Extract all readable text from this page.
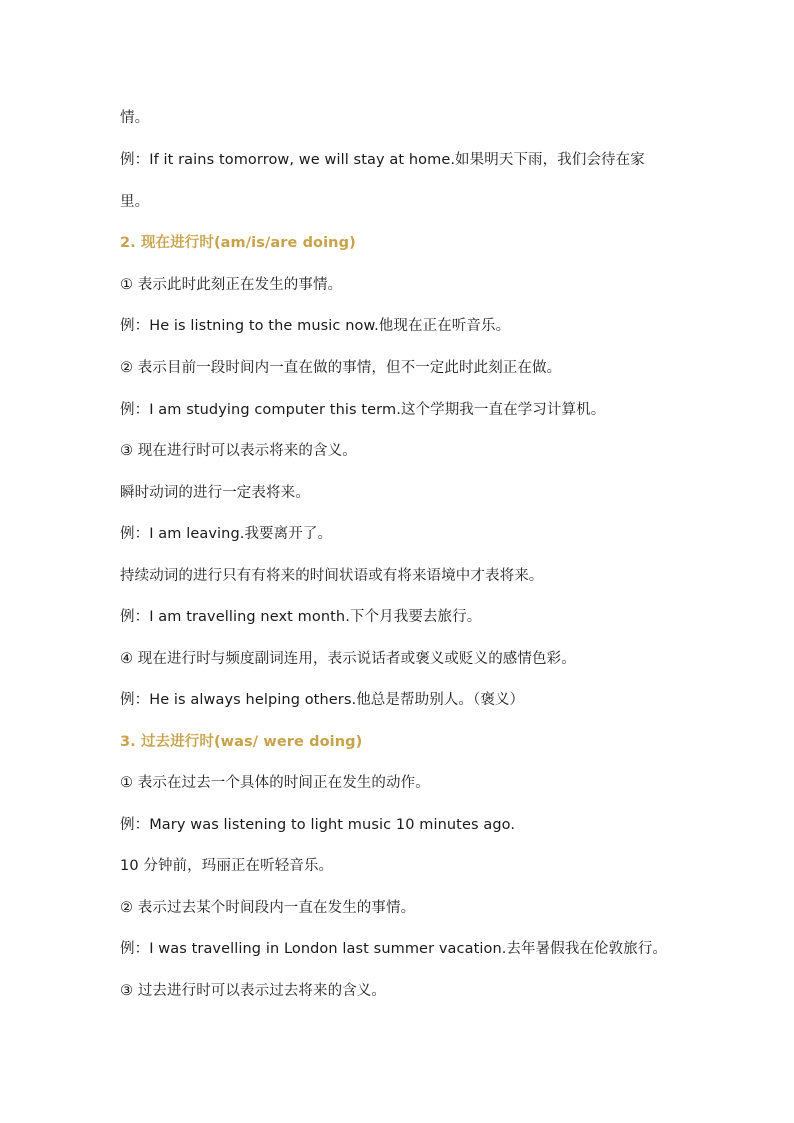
情。
例：If it rains tomorrow, we will stay at home.如果明天下雨，我们会待在家
里。
2. 现在进行时(am/is/are doing)
① 表示此时此刻正在发生的事情。
例：He is listning to the music now.他现在正在听音乐。
② 表示目前一段时间内一直在做的事情，但不一定此时此刻正在做。
例：I am studying computer this term.这个学期我一直在学习计算机。
③ 现在进行时可以表示将来的含义。
瞬时动词的进行一定表将来。
例：I am leaving.我要离开了。
持续动词的进行只有有将来的时间状语或有将来语境中才表将来。
例：I am travelling next month.下个月我要去旅行。
④ 现在进行时与频度副词连用，表示说话者或褒义或贬义的感情色彩。
例：He is always helping others.他总是帮助别人。（褒义）
3. 过去进行时(was/ were doing)
① 表示在过去一个具体的时间正在发生的动作。
例：Mary was listening to light music 10 minutes ago.
10 分钟前，玛丽正在听轻音乐。
② 表示过去某个时间段内一直在发生的事情。
例：I was travelling in London last summer vacation.去年暑假我在伦敦旅行。
③ 过去进行时可以表示过去将来的含义。
